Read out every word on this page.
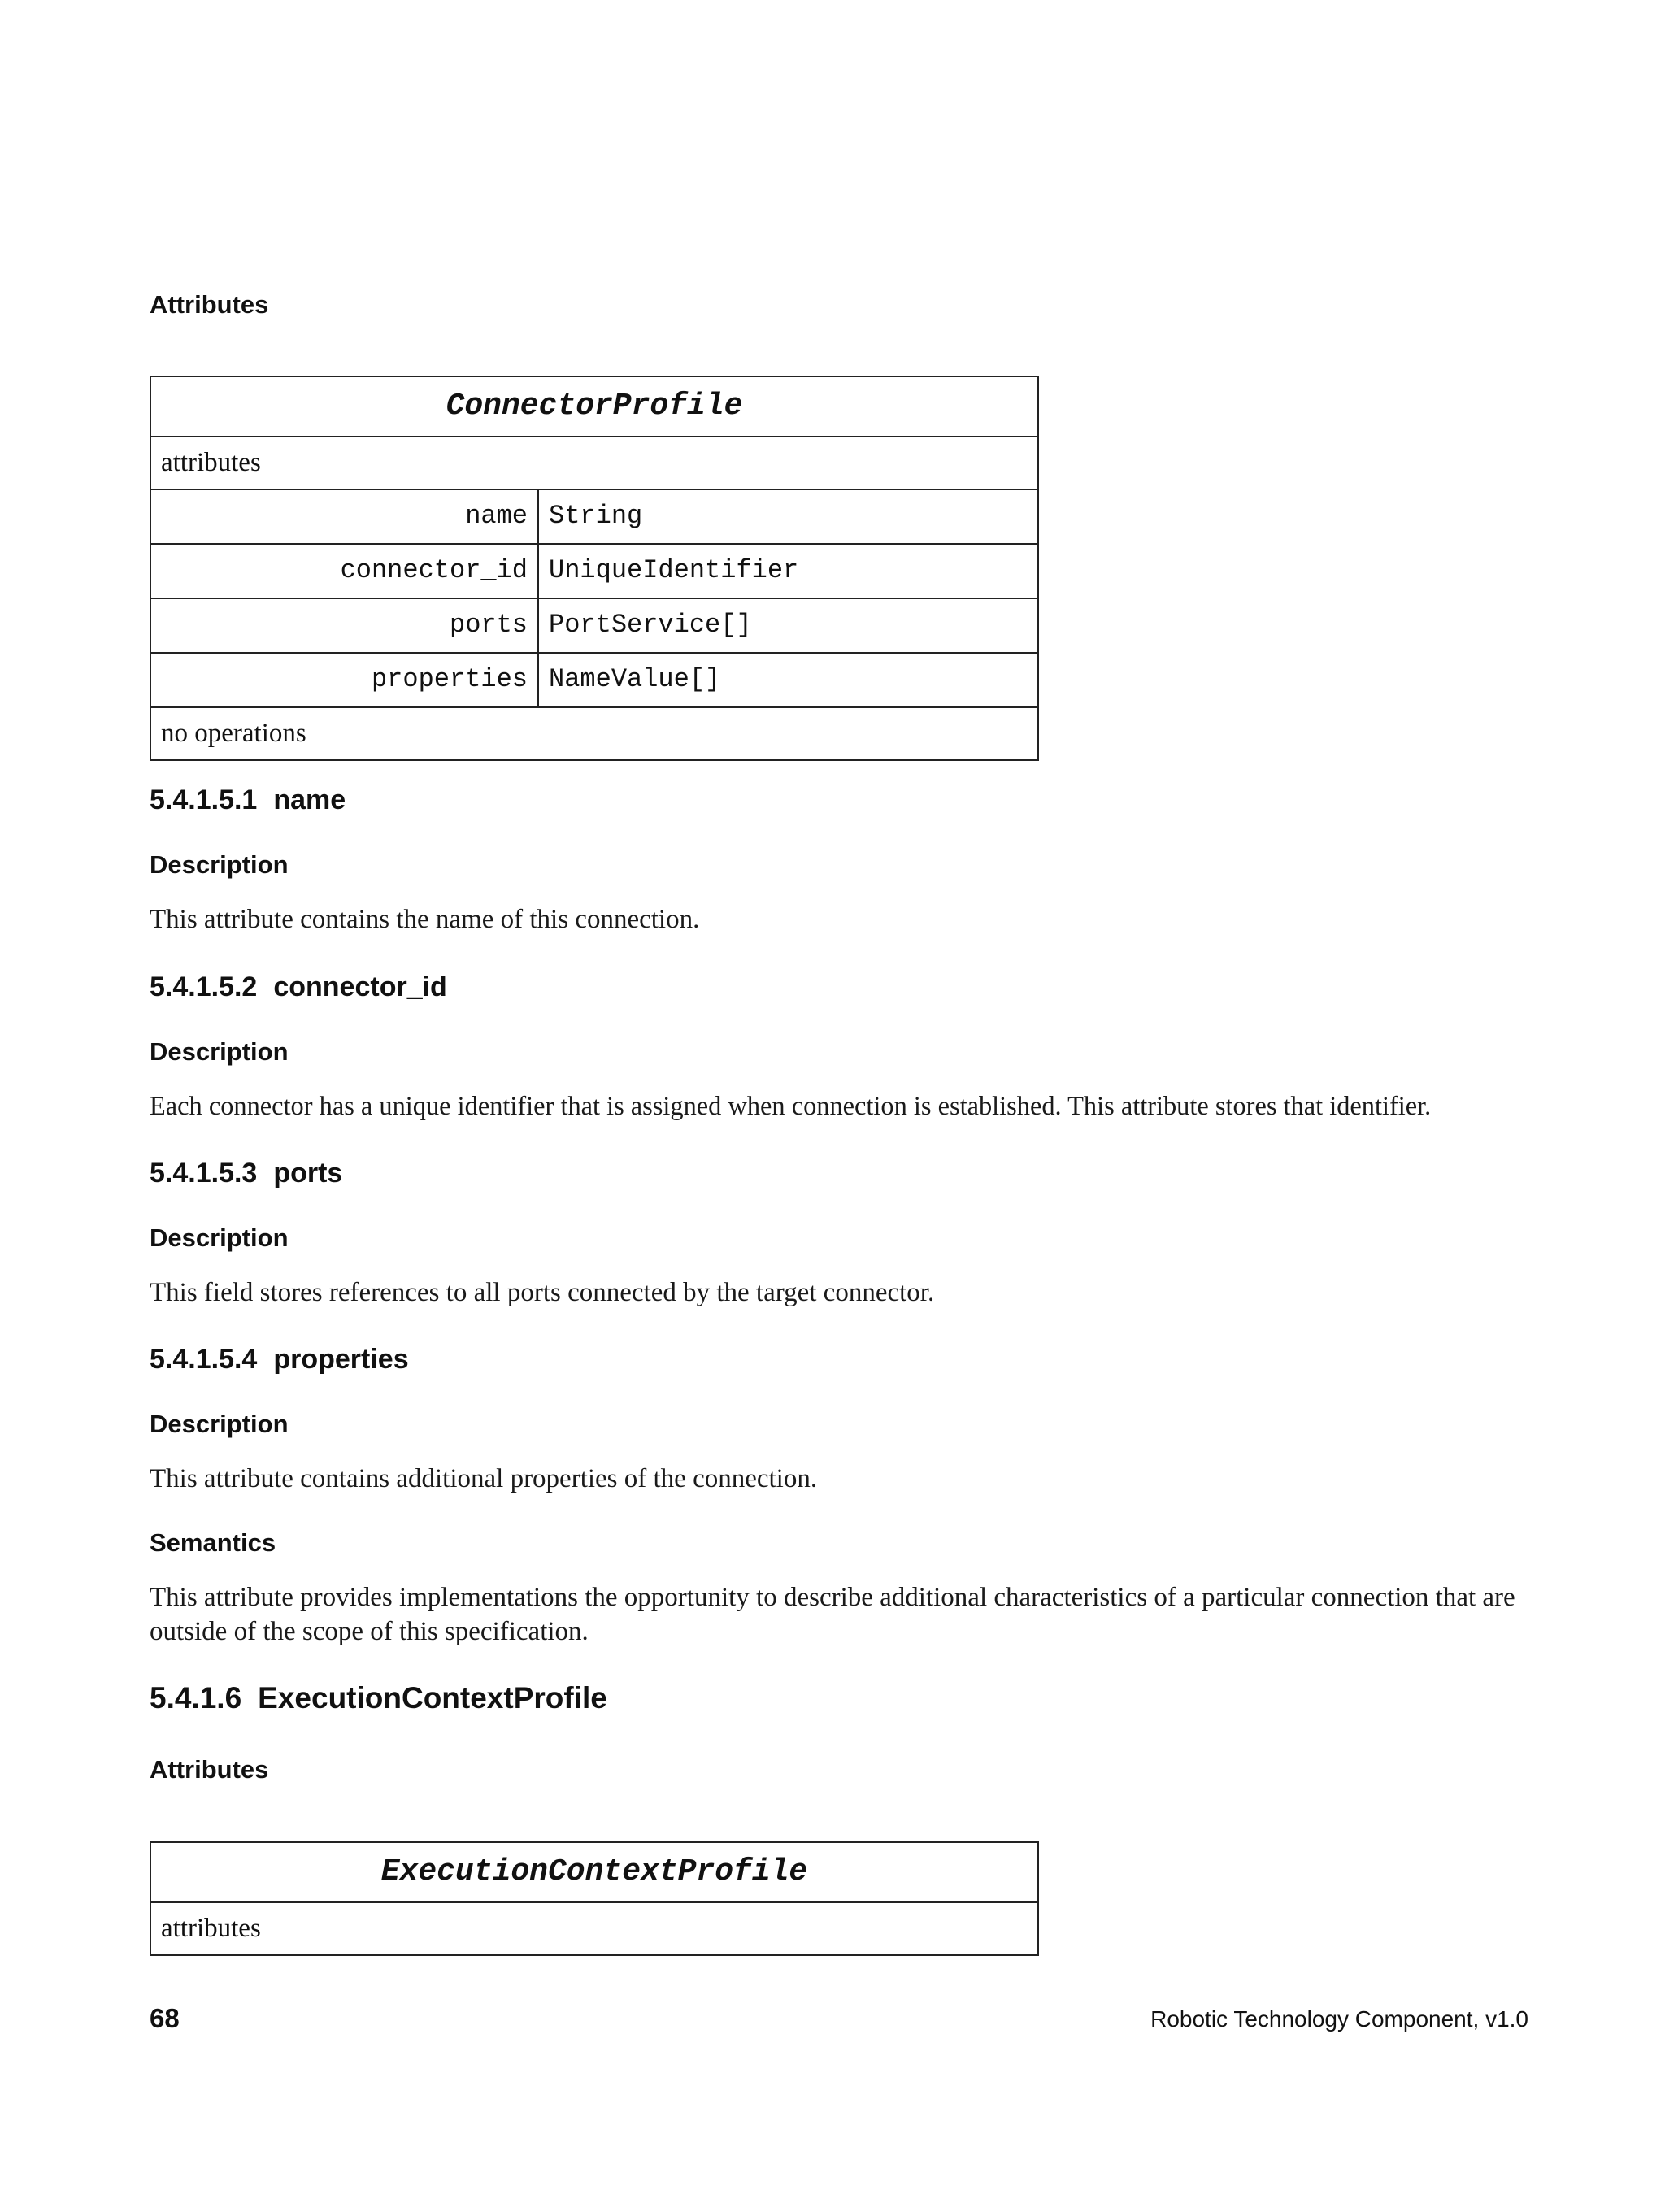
Attributes

ConnectorProfile
attributes
name String
connector_id UniqueIdentifier
ports PortService[]
properties NameValue[]
no operations
5.4.1.5.1 name

Description

This attribute contains the name of this connection.

5.4.1.5.2 connector_id

Description

Each connector has a unique identifier that is assigned when connection is established. This attribute stores that identifier.

5.4.1.5.3 ports

Description

This field stores references to all ports connected by the target connector.

5.4.1.5.4 properties

Description

This attribute contains additional properties of the connection.

Semantics

This attribute provides implementations the opportunity to describe additional characteristics of a particular connection that are outside of the scope of this specification.

5.4.1.6 ExecutionContextProfile

Attributes

ExecutionContextProfile
attributes
68	Robotic Technology Component, v1.0
